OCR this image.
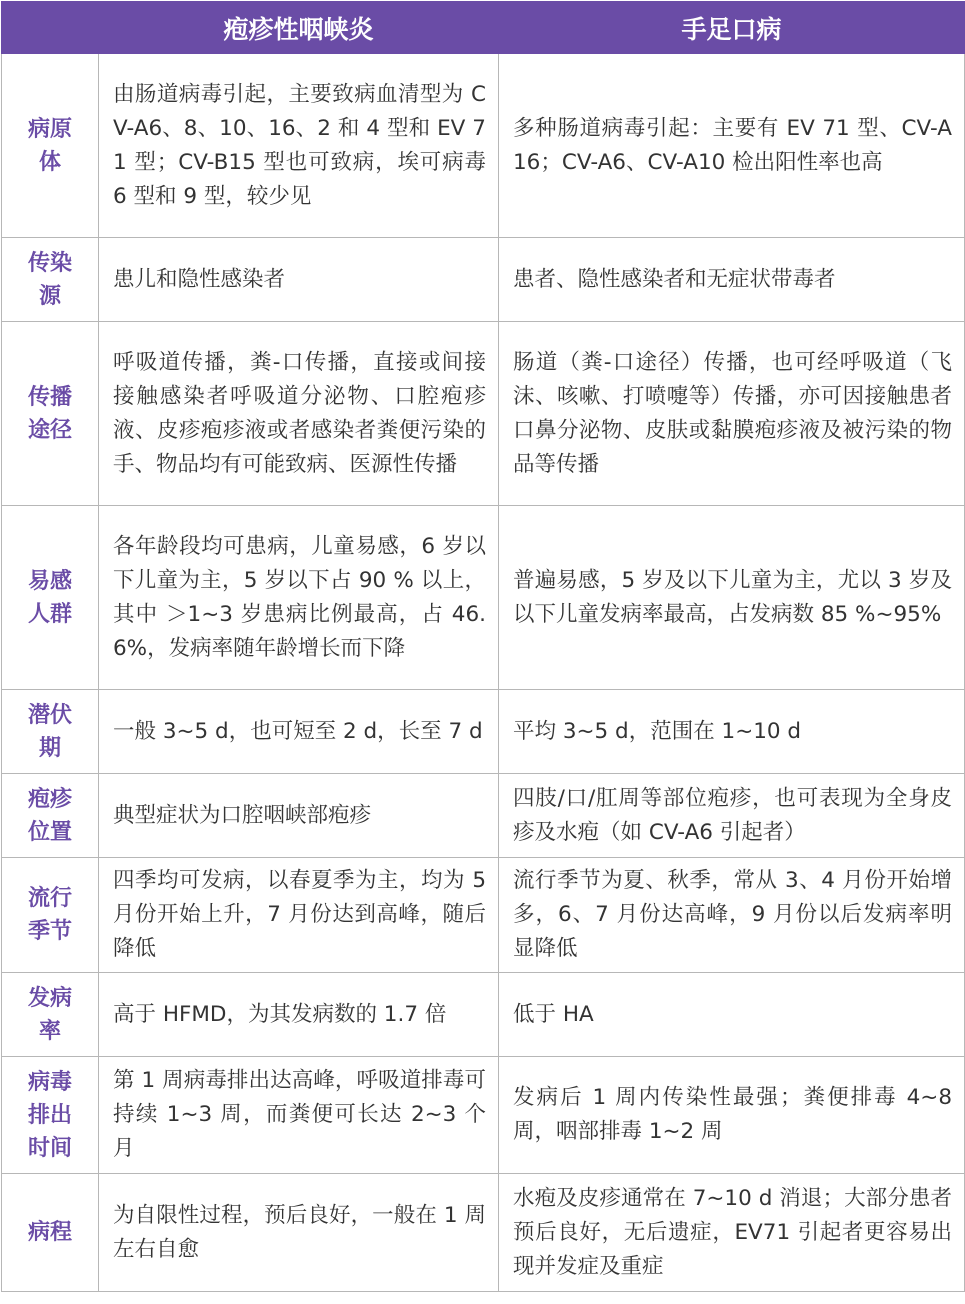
	疱疹性咽峡炎	手足口病

病原
体	由肠道病毒引起，主要致病血清型为 CV-A6、8、10、16、2 和 4 型和 EV 71 型；CV-B15 型也可致病，埃可病毒 6 型和 9 型，较少见	多种肠道病毒引起：主要有 EV 71 型、CV-A16；CV-A6、CV-A10 检出阳性率也高

传染
源	患儿和隐性感染者	患者、隐性感染者和无症状带毒者

传播
途径	呼吸道传播，粪-口传播，直接或间接接触感染者呼吸道分泌物、口腔疱疹液、皮疹疱疹液或者感染者粪便污染的手、物品均有可能致病、医源性传播	肠道（粪-口途径）传播，也可经呼吸道（飞沫、咳嗽、打喷嚏等）传播，亦可因接触患者口鼻分泌物、皮肤或黏膜疱疹液及被污染的物品等传播

易感
人群	各年龄段均可患病，儿童易感，6 岁以下儿童为主，5 岁以下占 90 % 以上，其中 ＞1~3 岁患病比例最高，占 46.6%，发病率随年龄增长而下降	普遍易感，5 岁及以下儿童为主，尤以 3 岁及以下儿童发病率最高，占发病数 85 %~95%

潜伏
期	一般 3~5 d，也可短至 2 d，长至 7 d	平均 3~5 d，范围在 1~10 d

疱疹
位置	典型症状为口腔咽峡部疱疹	四肢/口/肛周等部位疱疹，也可表现为全身皮疹及水疱（如 CV-A6 引起者）

流行
季节	四季均可发病，以春夏季为主，均为 5 月份开始上升，7 月份达到高峰，随后降低	流行季节为夏、秋季，常从 3、4 月份开始增多，6、7 月份达高峰，9 月份以后发病率明显降低

发病
率	高于 HFMD，为其发病数的 1.7 倍	低于 HA

病毒
排出
时间	第 1 周病毒排出达高峰，呼吸道排毒可持续 1~3 周，而粪便可长达 2~3 个月	发病后 1 周内传染性最强；粪便排毒 4~8 周，咽部排毒 1~2 周

病程	为自限性过程，预后良好，一般在 1 周左右自愈	水疱及皮疹通常在 7~10 d 消退；大部分患者预后良好，无后遗症，EV71 引起者更容易出现并发症及重症
